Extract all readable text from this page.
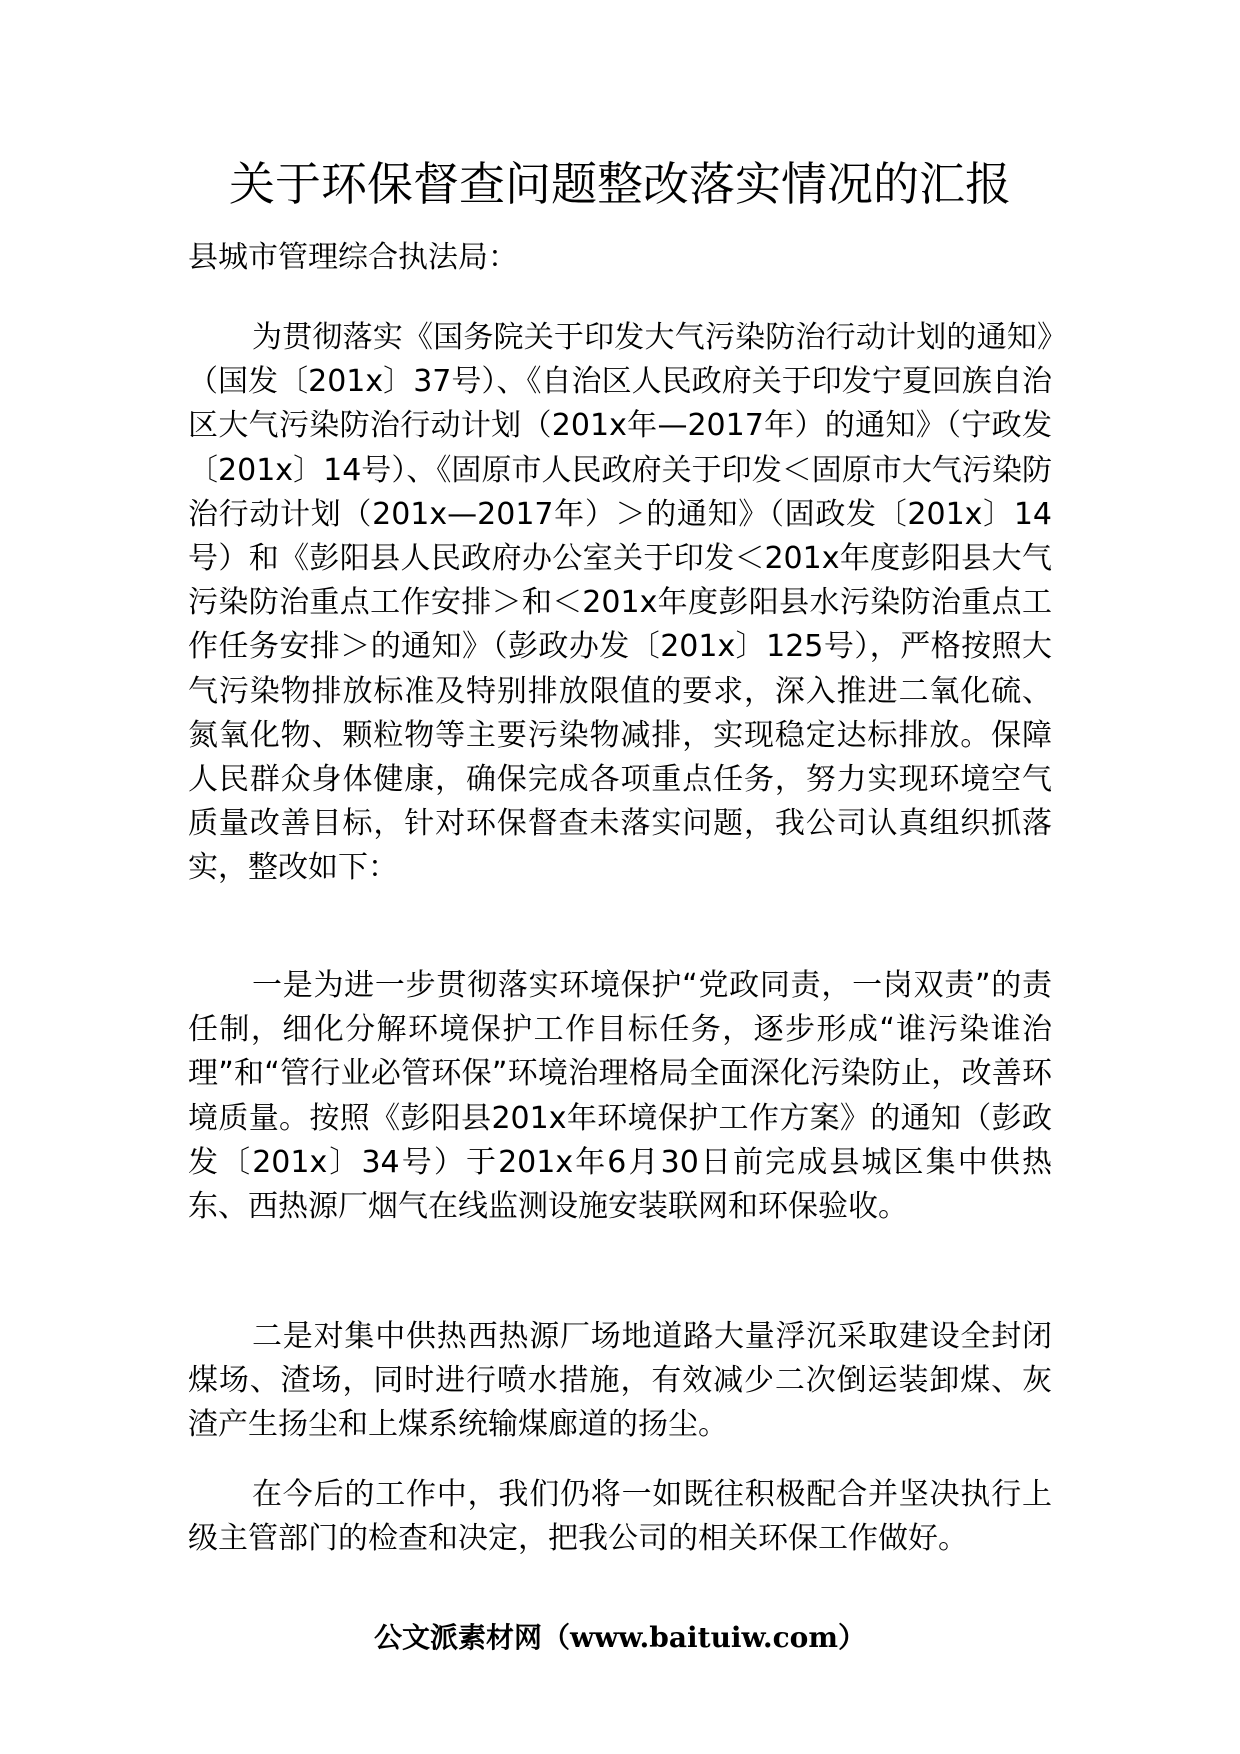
关于环保督查问题整改落实情况的汇报

县城市管理综合执法局：

为贯彻落实《国务院关于印发大气污染防治行动计划的通知》（国发〔201x〕37号）、《自治区人民政府关于印发宁夏回族自治区大气污染防治行动计划（201x年—2017年）的通知》（宁政发〔201x〕14号）、《固原市人民政府关于印发＜固原市大气污染防治行动计划（201x—2017年）＞的通知》（固政发〔201x〕14号）和《彭阳县人民政府办公室关于印发＜201x年度彭阳县大气污染防治重点工作安排＞和＜201x年度彭阳县水污染防治重点工作任务安排＞的通知》（彭政办发〔201x〕125号），严格按照大气污染物排放标准及特别排放限值的要求，深入推进二氧化硫、氮氧化物、颗粒物等主要污染物减排，实现稳定达标排放。保障人民群众身体健康，确保完成各项重点任务，努力实现环境空气质量改善目标，针对环保督查未落实问题，我公司认真组织抓落实，整改如下：

一是为进一步贯彻落实环境保护“党政同责，一岗双责”的责任制，细化分解环境保护工作目标任务，逐步形成“谁污染谁治理”和“管行业必管环保”环境治理格局全面深化污染防止，改善环境质量。按照《彭阳县201x年环境保护工作方案》的通知（彭政发〔201x〕34号）于201x年6月30日前完成县城区集中供热东、西热源厂烟气在线监测设施安装联网和环保验收。

二是对集中供热西热源厂场地道路大量浮沉采取建设全封闭煤场、渣场，同时进行喷水措施，有效减少二次倒运装卸煤、灰渣产生扬尘和上煤系统输煤廊道的扬尘。

在今后的工作中，我们仍将一如既往积极配合并坚决执行上级主管部门的检查和决定，把我公司的相关环保工作做好。

公文派素材网（www.baituiw.com）
